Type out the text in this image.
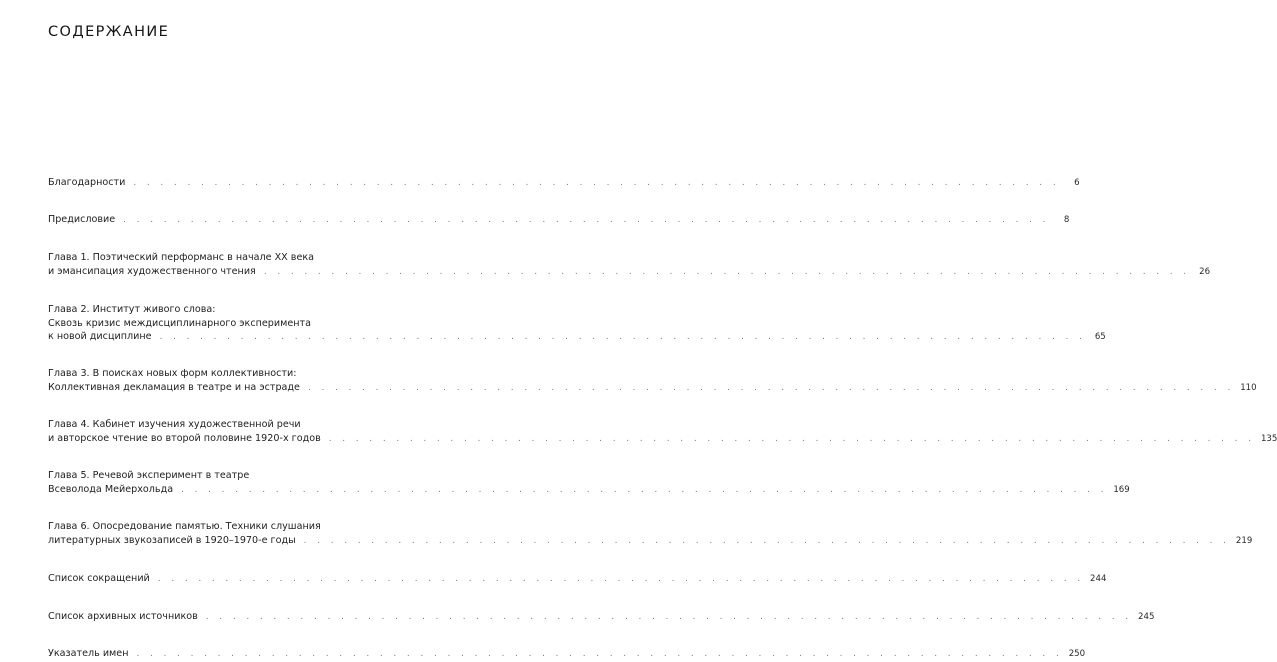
СОДЕРЖАНИЕ
Благодарности . . . . . . . . . . . . . . . . . . . . . . . . . . . . . . . . . . . . . . . . . . . . . . . . . . . . . . . . . . . . . . . . . . . . .	6
Предисловие . . . . . . . . . . . . . . . . . . . . . . . . . . . . . . . . . . . . . . . . . . . . . . . . . . . . . . . . . . . . . . . . . . . . .	8
Глава 1. Поэтический перформанс в начале XX века
и эмансипация художественного чтения . . . . . . . . . . . . . . . . . . . . . . . . . . . . . . . . . . . . . . . . . . . . . . . . . . . . . . . . . . . . . . . . . . . . .	26
Глава 2. Институт живого слова:
Сквозь кризис междисциплинарного эксперимента
к новой дисциплине . . . . . . . . . . . . . . . . . . . . . . . . . . . . . . . . . . . . . . . . . . . . . . . . . . . . . . . . . . . . . . . . . . . . .	65
Глава 3. В поисках новых форм коллективности:
Коллективная декламация в театре и на эстраде . . . . . . . . . . . . . . . . . . . . . . . . . . . . . . . . . . . . . . . . . . . . . . . . . . . . . . . . . . . . . . . . . . . . . 110
Глава 4. Кабинет изучения художественной речи
и авторское чтение во второй половине 1920-х годов . . . . . . . . . . . . . . . . . . . . . . . . . . . . . . . . . . . . . . . . . . . . . . . . . . . . . . . . . . . . . . . . . . . . . 135
Глава 5. Речевой эксперимент в театре
Всеволода Мейерхольда . . . . . . . . . . . . . . . . . . . . . . . . . . . . . . . . . . . . . . . . . . . . . . . . . . . . . . . . . . . . . . . . . . . . . 169
Глава 6. Опосредование памятью. Техники слушания
литературных звукозаписей в 1920–1970-е годы . . . . . . . . . . . . . . . . . . . . . . . . . . . . . . . . . . . . . . . . . . . . . . . . . . . . . . . . . . . . . . . . . . . . . 219
Список сокращений . . . . . . . . . . . . . . . . . . . . . . . . . . . . . . . . . . . . . . . . . . . . . . . . . . . . . . . . . . . . . . . . . . . . . 244
Список архивных источников . . . . . . . . . . . . . . . . . . . . . . . . . . . . . . . . . . . . . . . . . . . . . . . . . . . . . . . . . . . . . . . . . . . . . 245
Указатель имен . . . . . . . . . . . . . . . . . . . . . . . . . . . . . . . . . . . . . . . . . . . . . . . . . . . . . . . . . . . . . . . . . . . . . 250
